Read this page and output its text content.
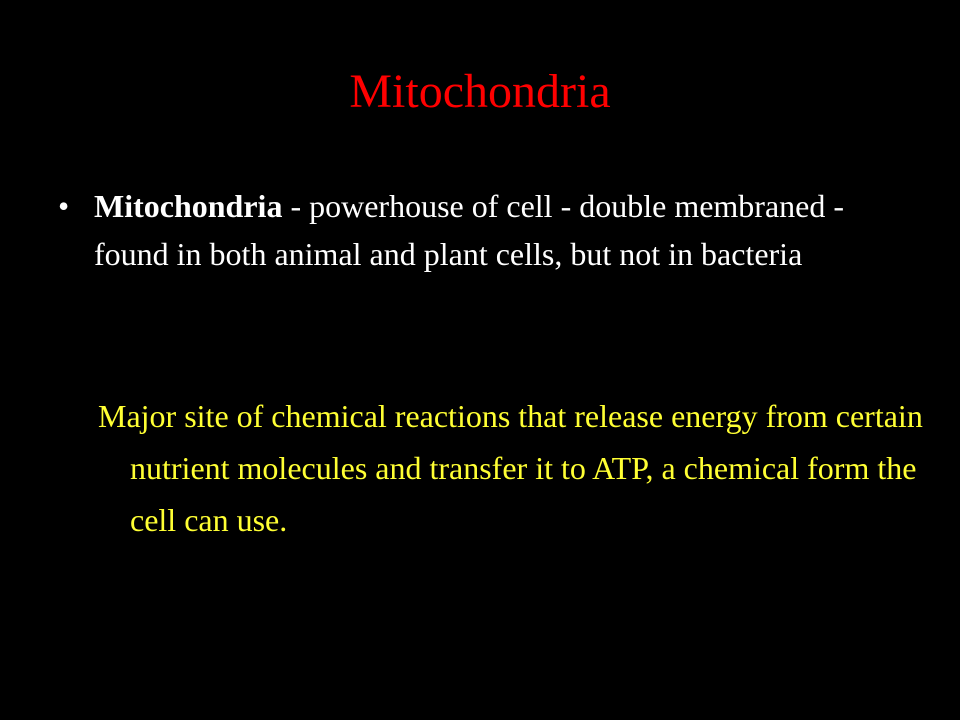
Mitochondria
• Mitochondria - powerhouse of cell - double membraned - found in both animal and plant cells, but not in bacteria

Major site of chemical reactions that release energy from certain nutrient molecules and transfer it to ATP, a chemical form the cell can use.
